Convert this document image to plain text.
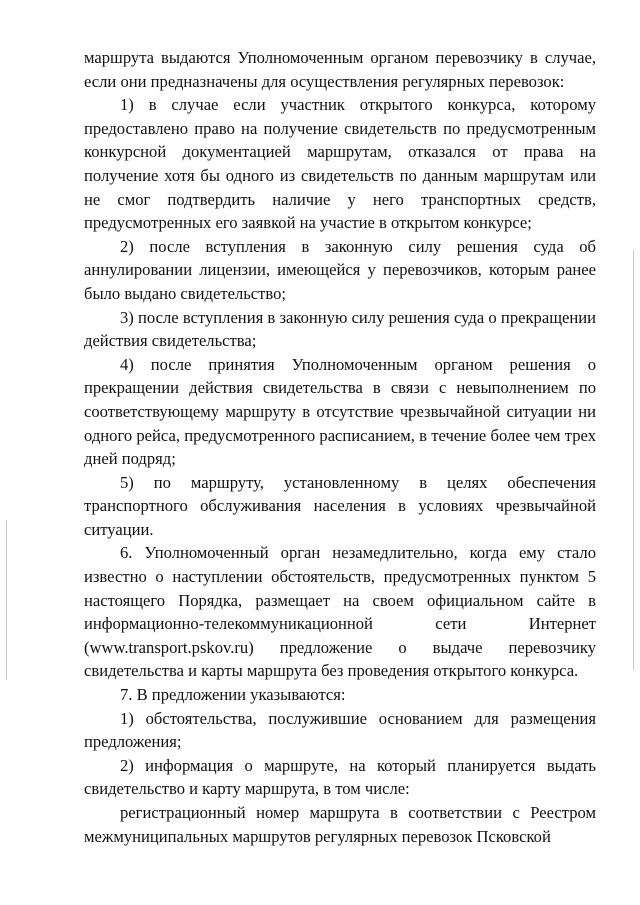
маршрута выдаются Уполномоченным органом перевозчику в случае, если они предназначены для осуществления регулярных перевозок:

1) в случае если участник открытого конкурса, которому предоставлено право на получение свидетельств по предусмотренным конкурсной документацией маршрутам, отказался от права на получение хотя бы одного из свидетельств по данным маршрутам или не смог подтвердить наличие у него транспортных средств, предусмотренных его заявкой на участие в открытом конкурсе;

2) после вступления в законную силу решения суда об аннулировании лицензии, имеющейся у перевозчиков, которым ранее было выдано свидетельство;

3) после вступления в законную силу решения суда о прекращении действия свидетельства;

4) после принятия Уполномоченным органом решения о прекращении действия свидетельства в связи с невыполнением по соответствующему маршруту в отсутствие чрезвычайной ситуации ни одного рейса, предусмотренного расписанием, в течение более чем трех дней подряд;

5) по маршруту, установленному в целях обеспечения транспортного обслуживания населения в условиях чрезвычайной ситуации.

6. Уполномоченный орган незамедлительно, когда ему стало известно о наступлении обстоятельств, предусмотренных пунктом 5 настоящего Порядка, размещает на своем официальном сайте в информационно-телекоммуникационной сети Интернет (www.transport.pskov.ru) предложение о выдаче перевозчику свидетельства и карты маршрута без проведения открытого конкурса.

7. В предложении указываются:

1) обстоятельства, послужившие основанием для размещения предложения;

2) информация о маршруте, на который планируется выдать свидетельство и карту маршрута, в том числе:

регистрационный номер маршрута в соответствии с Реестром межмуниципальных маршрутов регулярных перевозок Псковской
